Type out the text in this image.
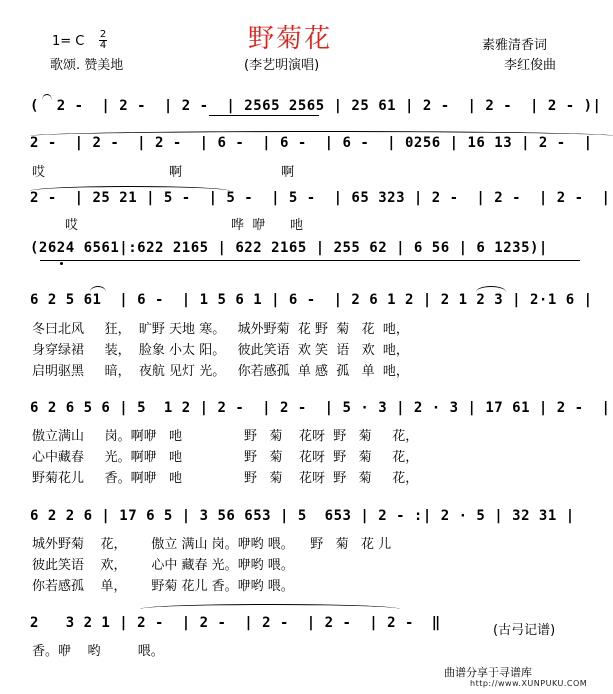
野菊花
1= C 2
4
歌颂. 赞美地	(李艺明演唱)
素雅清香词
李红俊曲
(  2 -  | 2 -  | 2 -  | 2565 2565 | 25 61 | 2 -  | 2 -  | 2 - )|
2 -  | 2 -  | 2 -  | 6 -  | 6 -  | 6 -  | 0256 | 16 13 | 2 -  |
哎                              啊                        啊
2 -  | 25 21 | 5 -  | 5 -  | 5 -  | 65 323 | 2 -  | 2 -  | 2 -  |
哎                                     哗  咿      吔
(2624 6561|:622 2165 | 622 2165 | 255 62 | 6 56 | 6 1235)|
6 2 5 61  | 6 -  | 1 5 6 1 | 6 -  | 2 6 1 2 | 2 1 2 3 | 2·1 6 |
冬曰北风     狂，  旷野 天地 寒。   城外野菊  花 野  菊   花  吔，
身穿绿裙     装，  脸象 小太 阳。   彼此笑语  欢 笑  语   欢  吔，
启明驱黑     暗，  夜航 见灯 光。   你若感孤  单 感  孤   单  吔，
6 2 6 5 6 | 5  1 2 | 2 -  | 2 -  | 5 · 3 | 2 · 3 | 17 61 | 2 -  |
傲立满山     岗。啊咿   吔               野   菊    花呀  野   菊     花，
心中藏春     光。啊咿   吔               野   菊    花呀  野   菊     花，
野菊花儿     香。啊咿   吔               野   菊    花呀  野   菊     花，
6 2 2 6 | 17 6 5 | 3 56 653 | 5  653 | 2 - :| 2 · 5 | 32 31 |
城外野菊    花，      傲立 满山 岗。咿哟 喂。    野   菊   花 儿
彼此笑语    欢，      心中 藏春 光。咿哟 喂。
你若感孤    单，      野菊 花儿 香。咿哟 喂。
2   3 2 1 | 2 -  | 2 -  | 2 -  | 2 -  | 2 -  ‖
香。咿    哟         喂。
(古弓记谱)
曲谱分享于寻谱库
http://www.XUNPUKU.COM
